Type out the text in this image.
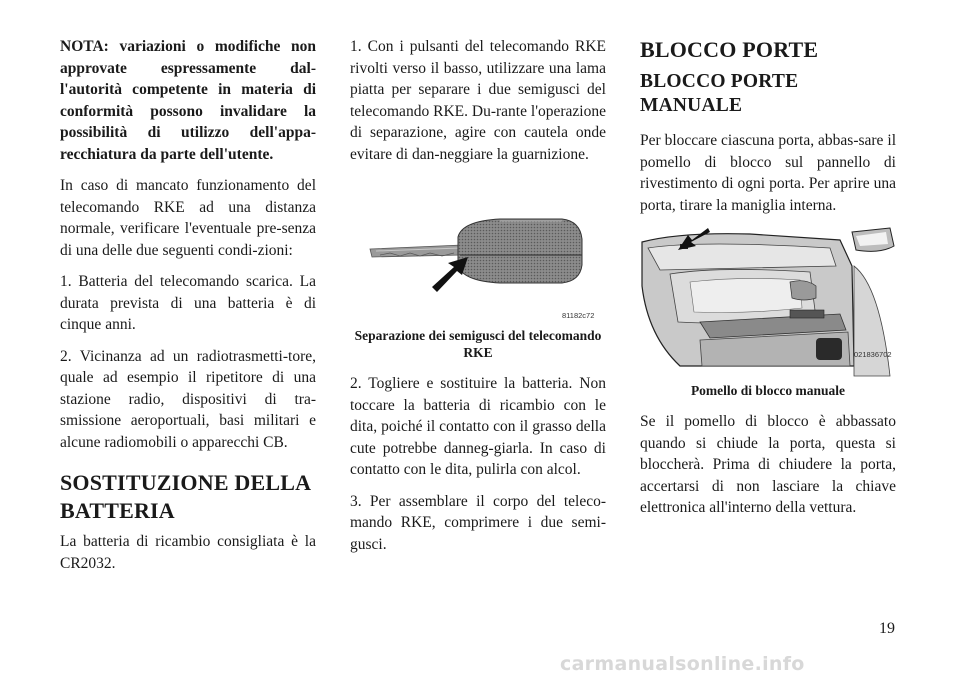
NOTA: variazioni o modifiche non approvate espressamente dal-l'autorità competente in materia di conformità possono invalidare la possibilità di utilizzo dell'appa-recchiatura da parte dell'utente.

In caso di mancato funzionamento del telecomando RKE ad una distanza normale, verificare l'eventuale pre-senza di una delle due seguenti condi-zioni:

1. Batteria del telecomando scarica. La durata prevista di una batteria è di cinque anni.

2. Vicinanza ad un radiotrasmetti-tore, quale ad esempio il ripetitore di una stazione radio, dispositivi di tra-smissione aeroportuali, basi militari e alcune radiomobili o apparecchi CB.

SOSTITUZIONE DELLA BATTERIA

La batteria di ricambio consigliata è la CR2032.

1. Con i pulsanti del telecomando RKE rivolti verso il basso, utilizzare una lama piatta per separare i due semigusci del telecomando RKE. Du-rante l'operazione di separazione, agire con cautela onde evitare di dan-neggiare la guarnizione.

81182c72
Separazione dei semigusci del telecomando RKE

2. Togliere e sostituire la batteria. Non toccare la batteria di ricambio con le dita, poiché il contatto con il grasso della cute potrebbe danneg-giarla. In caso di contatto con le dita, pulirla con alcol.

3. Per assemblare il corpo del teleco-mando RKE, comprimere i due semi-gusci.

BLOCCO PORTE
BLOCCO PORTE MANUALE

Per bloccare ciascuna porta, abbas-sare il pomello di blocco sul pannello di rivestimento di ogni porta. Per aprire una porta, tirare la maniglia interna.

021836702
Pomello di blocco manuale

Se il pomello di blocco è abbassato quando si chiude la porta, questa si bloccherà. Prima di chiudere la porta, accertarsi di non lasciare la chiave elettronica all'interno della vettura.

19
carmanualsonline.info
